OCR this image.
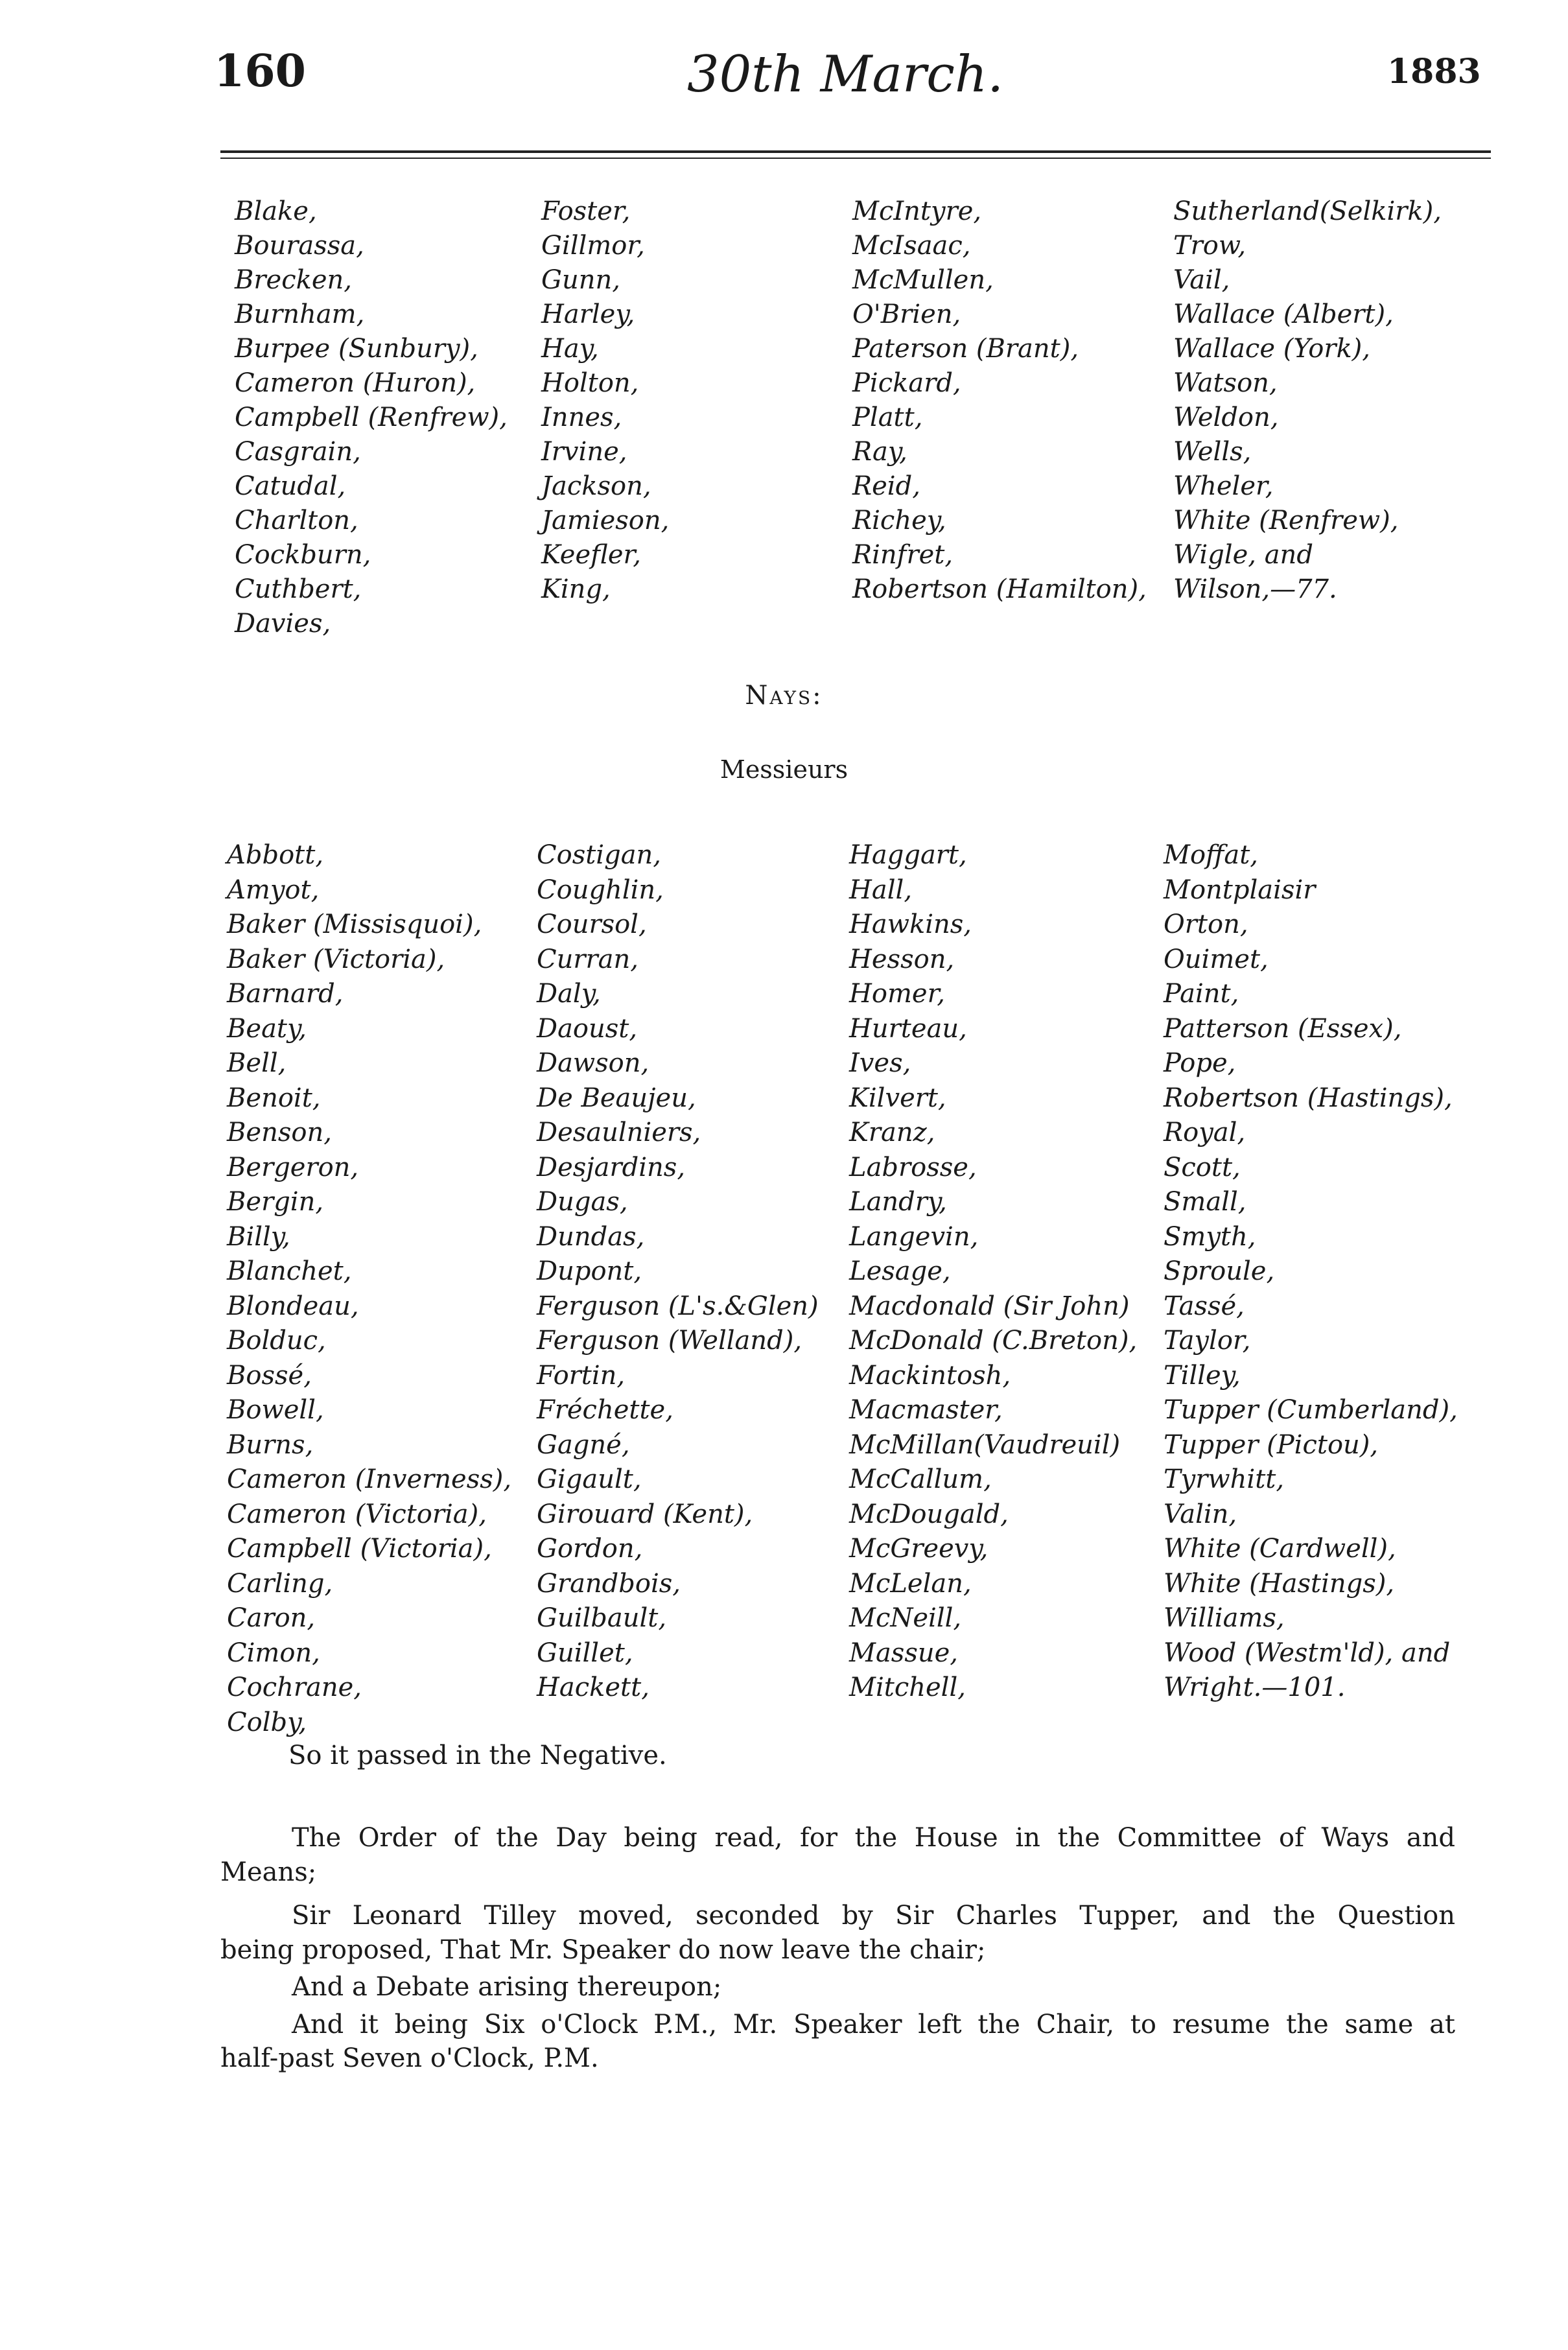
160	30th March.	1883
Blake,
Bourassa,
Brecken,
Burnham,
Burpee (Sunbury),
Cameron (Huron),
Campbell (Renfrew),
Casgrain,
Catudal,
Charlton,
Cockburn,
Cuthbert,
Davies,
Foster,
Gillmor,
Gunn,
Harley,
Hay,
Holton,
Innes,
Irvine,
Jackson,
Jamieson,
Keefler,
King,
McIntyre,
McIsaac,
McMullen,
O'Brien,
Paterson (Brant),
Pickard,
Platt,
Ray,
Reid,
Richey,
Rinfret,
Robertson (Hamilton),
Sutherland(Selkirk),
Trow,
Vail,
Wallace (Albert),
Wallace (York),
Watson,
Weldon,
Wells,
Wheler,
White (Renfrew),
Wigle, and
Wilson,—77.
Nays:
Messieurs
Abbott,
Amyot,
Baker (Missisquoi),
Baker (Victoria),
Barnard,
Beaty,
Bell,
Benoit,
Benson,
Bergeron,
Bergin,
Billy,
Blanchet,
Blondeau,
Bolduc,
Bossé,
Bowell,
Burns,
Cameron (Inverness),
Cameron (Victoria),
Campbell (Victoria),
Carling,
Caron,
Cimon,
Cochrane,
Colby,
Costigan,
Coughlin,
Coursol,
Curran,
Daly,
Daoust,
Dawson,
De Beaujeu,
Desaulniers,
Desjardins,
Dugas,
Dundas,
Dupont,
Ferguson (L's.&Glen)
Ferguson (Welland),
Fortin,
Fréchette,
Gagné,
Gigault,
Girouard (Kent),
Gordon,
Grandbois,
Guilbault,
Guillet,
Hackett,
Haggart,
Hall,
Hawkins,
Hesson,
Homer,
Hurteau,
Ives,
Kilvert,
Kranz,
Labrosse,
Landry,
Langevin,
Lesage,
Macdonald (Sir John)
McDonald (C.Breton),
Mackintosh,
Macmaster,
McMillan(Vaudreuil)
McCallum,
McDougald,
McGreevy,
McLelan,
McNeill,
Massue,
Mitchell,
Moffat,
Montplaisir
Orton,
Ouimet,
Paint,
Patterson (Essex),
Pope,
Robertson (Hastings),
Royal,
Scott,
Small,
Smyth,
Sproule,
Tassé,
Taylor,
Tilley,
Tupper (Cumberland),
Tupper (Pictou),
Tyrwhitt,
Valin,
White (Cardwell),
White (Hastings),
Williams,
Wood (Westm'ld), and
Wright.—101.
So it passed in the Negative.
The Order of the Day being read, for the House in the Committee of Ways and
Means;
Sir Leonard Tilley moved, seconded by Sir Charles Tupper, and the Question
being proposed, That Mr. Speaker do now leave the chair;
And a Debate arising thereupon;
And it being Six o'Clock P.M., Mr. Speaker left the Chair, to resume the same at
half-past Seven o'Clock, P.M.
